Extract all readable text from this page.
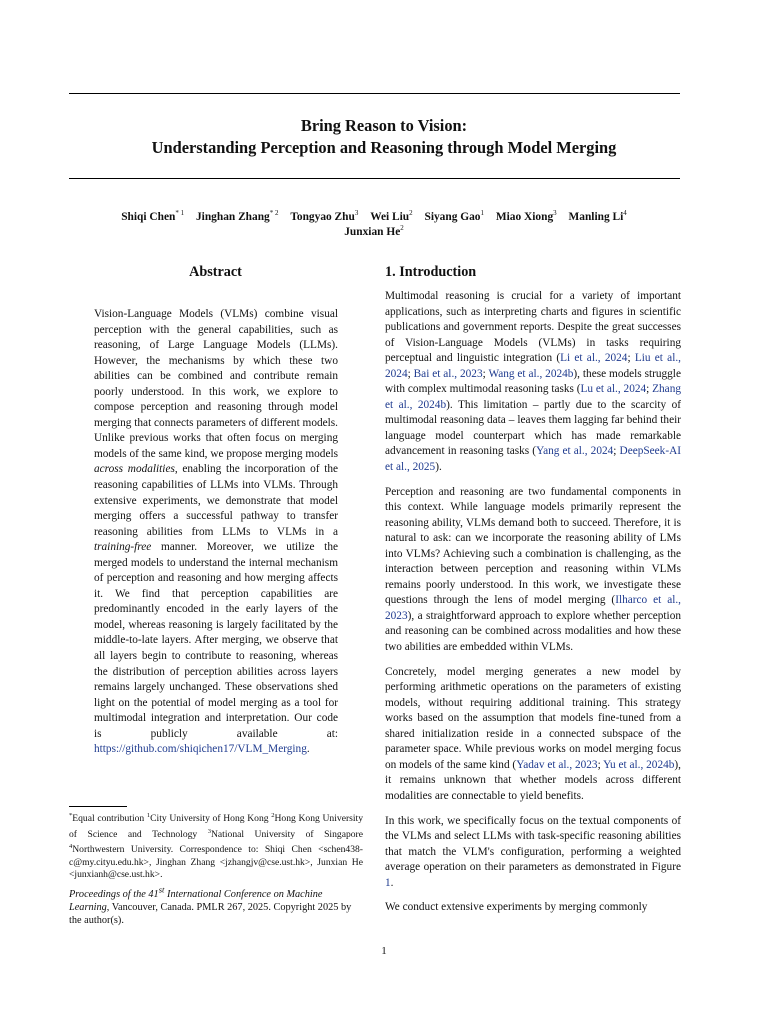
Bring Reason to Vision:
Understanding Perception and Reasoning through Model Merging
Shiqi Chen$^{* 1}$ Jinghan Zhang$^{* 2}$ Tongyao Zhu$^3$ Wei Liu$^2$ Siyang Gao$^1$ Miao Xiong$^3$ Manling Li$^4$
Junxian He$^2$
Abstract
Vision-Language Models (VLMs) combine visual perception with the general capabilities, such as reasoning, of Large Language Models (LLMs). However, the mechanisms by which these two abilities can be combined and contribute remain poorly understood. In this work, we explore to compose perception and reasoning through model merging that connects parameters of different models. Unlike previous works that often focus on merging models of the same kind, we propose merging models across modalities, enabling the incorporation of the reasoning capabilities of LLMs into VLMs. Through extensive experiments, we demonstrate that model merging offers a successful pathway to transfer reasoning abilities from LLMs to VLMs in a training-free manner. Moreover, we utilize the merged models to understand the internal mechanism of perception and reasoning and how merging affects it. We find that perception capabilities are predominantly encoded in the early layers of the model, whereas reasoning is largely facilitated by the middle-to-late layers. After merging, we observe that all layers begin to contribute to reasoning, whereas the distribution of perception abilities across layers remains largely unchanged. These observations shed light on the potential of model merging as a tool for multimodal integration and interpretation. Our code is publicly available at: https://github.com/shiqichen17/VLM_Merging.
*Equal contribution $^1$City University of Hong Kong $^2$Hong Kong University of Science and Technology $^3$National University of Singapore $^4$Northwestern University. Correspondence to: Shiqi Chen <schen438-c@my.cityu.edu.hk>, Jinghan Zhang <jzhangjv@cse.ust.hk>, Junxian He <junxianh@cse.ust.hk>.
Proceedings of the 41st International Conference on Machine Learning, Vancouver, Canada. PMLR 267, 2025. Copyright 2025 by the author(s).
1. Introduction

Multimodal reasoning is crucial for a variety of important applications, such as interpreting charts and figures in scientific publications and government reports. Despite the great successes of Vision-Language Models (VLMs) in tasks requiring perceptual and linguistic integration (Li et al., 2024; Liu et al., 2024; Bai et al., 2023; Wang et al., 2024b), these models struggle with complex multimodal reasoning tasks (Lu et al., 2024; Zhang et al., 2024b). This limitation – partly due to the scarcity of multimodal reasoning data – leaves them lagging far behind their language model counterpart which has made remarkable advancement in reasoning tasks (Yang et al., 2024; DeepSeek-AI et al., 2025).

Perception and reasoning are two fundamental components in this context. While language models primarily represent the reasoning ability, VLMs demand both to succeed. Therefore, it is natural to ask: can we incorporate the reasoning ability of LMs into VLMs? Achieving such a combination is challenging, as the interaction between perception and reasoning within VLMs remains poorly understood. In this work, we investigate these questions through the lens of model merging (Ilharco et al., 2023), a straightforward approach to explore whether perception and reasoning can be combined across modalities and how these two abilities are embedded within VLMs.

Concretely, model merging generates a new model by performing arithmetic operations on the parameters of existing models, without requiring additional training. This strategy works based on the assumption that models fine-tuned from a shared initialization reside in a connected subspace of the parameter space. While previous works on model merging focus on models of the same kind (Yadav et al., 2023; Yu et al., 2024b), it remains unknown that whether models across different modalities are connectable to yield benefits.

In this work, we specifically focus on the textual components of the VLMs and select LLMs with task-specific reasoning abilities that match the VLM's configuration, performing a weighted average operation on their parameters as demonstrated in Figure 1.

We conduct extensive experiments by merging commonly

1
